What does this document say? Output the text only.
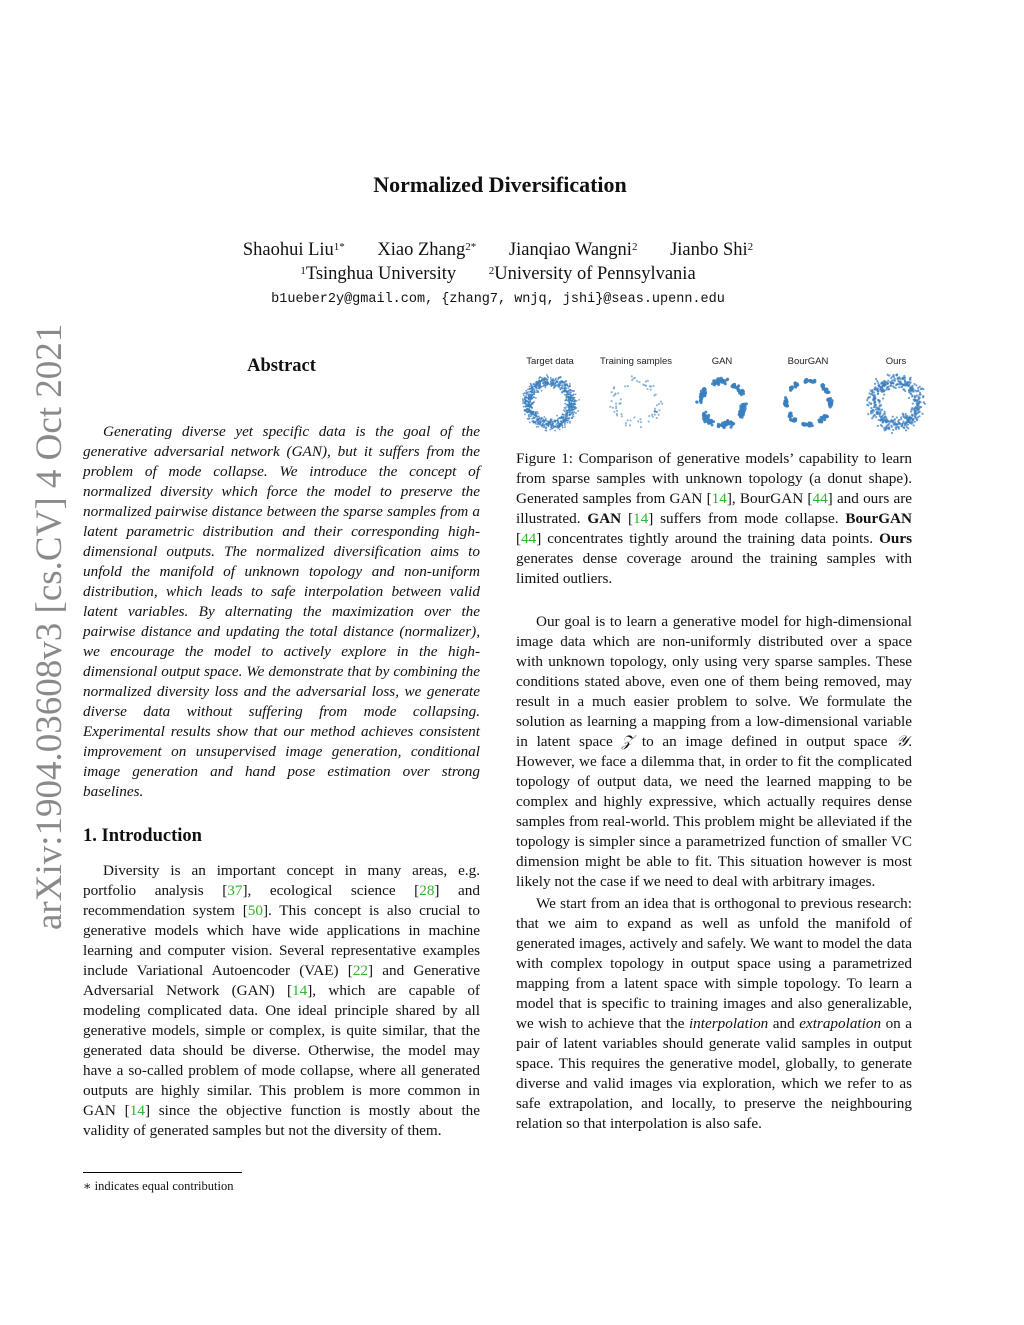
arXiv:1904.03608v3 [cs.CV] 4 Oct 2021
Normalized Diversification
Shaohui Liu$^{1*}$ Xiao Zhang$^{2*}$ Jianqiao Wangni$^2$ Jianbo Shi$^2$
$^1$Tsinghua University	$^2$University of Pennsylvania
b1ueber2y@gmail.com, {zhang7, wnjq, jshi}@seas.upenn.edu
Abstract

Generating diverse yet specific data is the goal of the generative adversarial network (GAN), but it suffers from the problem of mode collapse. We introduce the concept of normalized diversity which force the model to preserve the normalized pairwise distance between the sparse samples from a latent parametric distribution and their corresponding high-dimensional outputs. The normalized diversification aims to unfold the manifold of unknown topology and non-uniform distribution, which leads to safe interpolation between valid latent variables. By alternating the maximization over the pairwise distance and updating the total distance (normalizer), we encourage the model to actively explore in the high-dimensional output space. We demonstrate that by combining the normalized diversity loss and the adversarial loss, we generate diverse data without suffering from mode collapsing. Experimental results show that our method achieves consistent improvement on unsupervised image generation, conditional image generation and hand pose estimation over strong baselines.

1. Introduction

Diversity is an important concept in many areas, e.g. portfolio analysis [37], ecological science [28] and recommendation system [50]. This concept is also crucial to generative models which have wide applications in machine learning and computer vision. Several representative examples include Variational Autoencoder (VAE) [22] and Generative Adversarial Network (GAN) [14], which are capable of modeling complicated data. One ideal principle shared by all generative models, simple or complex, is quite similar, that the generated data should be diverse. Otherwise, the model may have a so-called problem of mode collapse, where all generated outputs are highly similar. This problem is more common in GAN [14] since the objective function is mostly about the validity of generated samples but not the diversity of them.

∗ indicates equal contribution
Target data	Training samples	GAN	BourGAN	Ours

Figure 1: Comparison of generative models’ capability to learn from sparse samples with unknown topology (a donut shape). Generated samples from GAN [14], BourGAN [44] and ours are illustrated. GAN [14] suffers from mode collapse. BourGAN [44] concentrates tightly around the training data points. Ours generates dense coverage around the training samples with limited outliers.

Our goal is to learn a generative model for high-dimensional image data which are non-uniformly distributed over a space with unknown topology, only using very sparse samples. These conditions stated above, even one of them being removed, may result in a much easier problem to solve. We formulate the solution as learning a mapping from a low-dimensional variable in latent space 𝒵 to an image defined in output space 𝒴. However, we face a dilemma that, in order to fit the complicated topology of output data, we need the learned mapping to be complex and highly expressive, which actually requires dense samples from real-world. This problem might be alleviated if the topology is simpler since a parametrized function of smaller VC dimension might be able to fit. This situation however is most likely not the case if we need to deal with arbitrary images.

We start from an idea that is orthogonal to previous research: that we aim to expand as well as unfold the manifold of generated images, actively and safely. We want to model the data with complex topology in output space using a parametrized mapping from a latent space with simple topology. To learn a model that is specific to training images and also generalizable, we wish to achieve that the interpolation and extrapolation on a pair of latent variables should generate valid samples in output space. This requires the generative model, globally, to generate diverse and valid images via exploration, which we refer to as safe extrapolation, and locally, to preserve the neighbouring relation so that interpolation is also safe.
